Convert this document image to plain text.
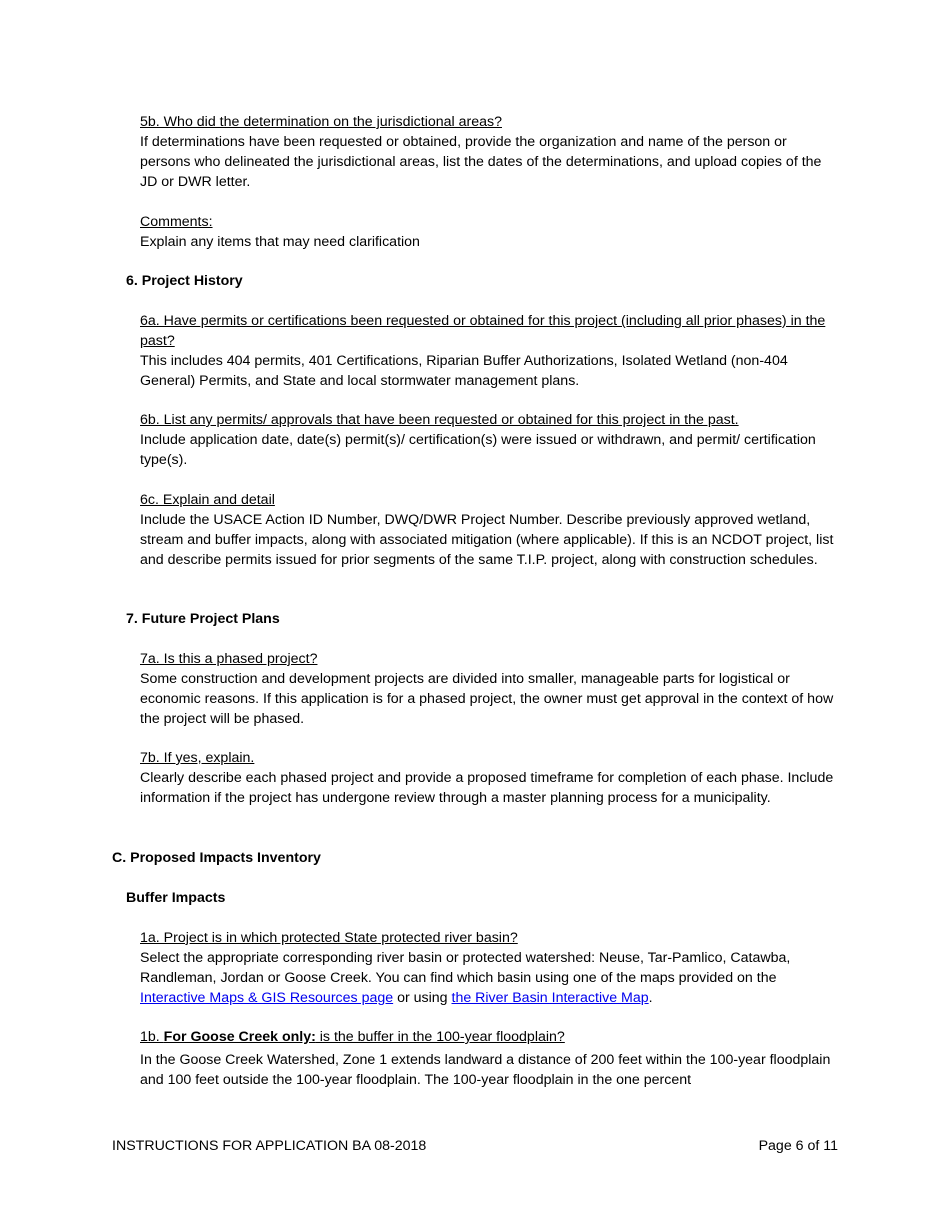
5b. Who did the determination on the jurisdictional areas?

If determinations have been requested or obtained, provide the organization and name of the person or persons who delineated the jurisdictional areas, list the dates of the determinations, and upload copies of the JD or DWR letter.

Comments:

Explain any items that may need clarification

6. Project History

6a. Have permits or certifications been requested or obtained for this project (including all prior phases) in the past?

This includes 404 permits, 401 Certifications, Riparian Buffer Authorizations, Isolated Wetland (non-404 General) Permits, and State and local stormwater management plans.

6b. List any permits/ approvals that have been requested or obtained for this project in the past.

Include application date, date(s) permit(s)/ certification(s) were issued or withdrawn, and permit/ certification type(s).

6c. Explain and detail

Include the USACE Action ID Number, DWQ/DWR Project Number. Describe previously approved wetland, stream and buffer impacts, along with associated mitigation (where applicable). If this is an NCDOT project, list and describe permits issued for prior segments of the same T.I.P. project, along with construction schedules.

7. Future Project Plans

7a. Is this a phased project?

Some construction and development projects are divided into smaller, manageable parts for logistical or economic reasons. If this application is for a phased project, the owner must get approval in the context of how the project will be phased.

7b. If yes, explain.

Clearly describe each phased project and provide a proposed timeframe for completion of each phase. Include information if the project has undergone review through a master planning process for a municipality.

C. Proposed Impacts Inventory
Buffer Impacts

1a. Project is in which protected State protected river basin?

Select the appropriate corresponding river basin or protected watershed: Neuse, Tar-Pamlico, Catawba, Randleman, Jordan or Goose Creek. You can find which basin using one of the maps provided on the Interactive Maps & GIS Resources page or using the River Basin Interactive Map.

1b. For Goose Creek only: is the buffer in the 100-year floodplain?

In the Goose Creek Watershed, Zone 1 extends landward a distance of 200 feet within the 100-year floodplain and 100 feet outside the 100-year floodplain. The 100-year floodplain in the one percent

INSTRUCTIONS FOR APPLICATION BA 08-2018	Page 6 of 11
